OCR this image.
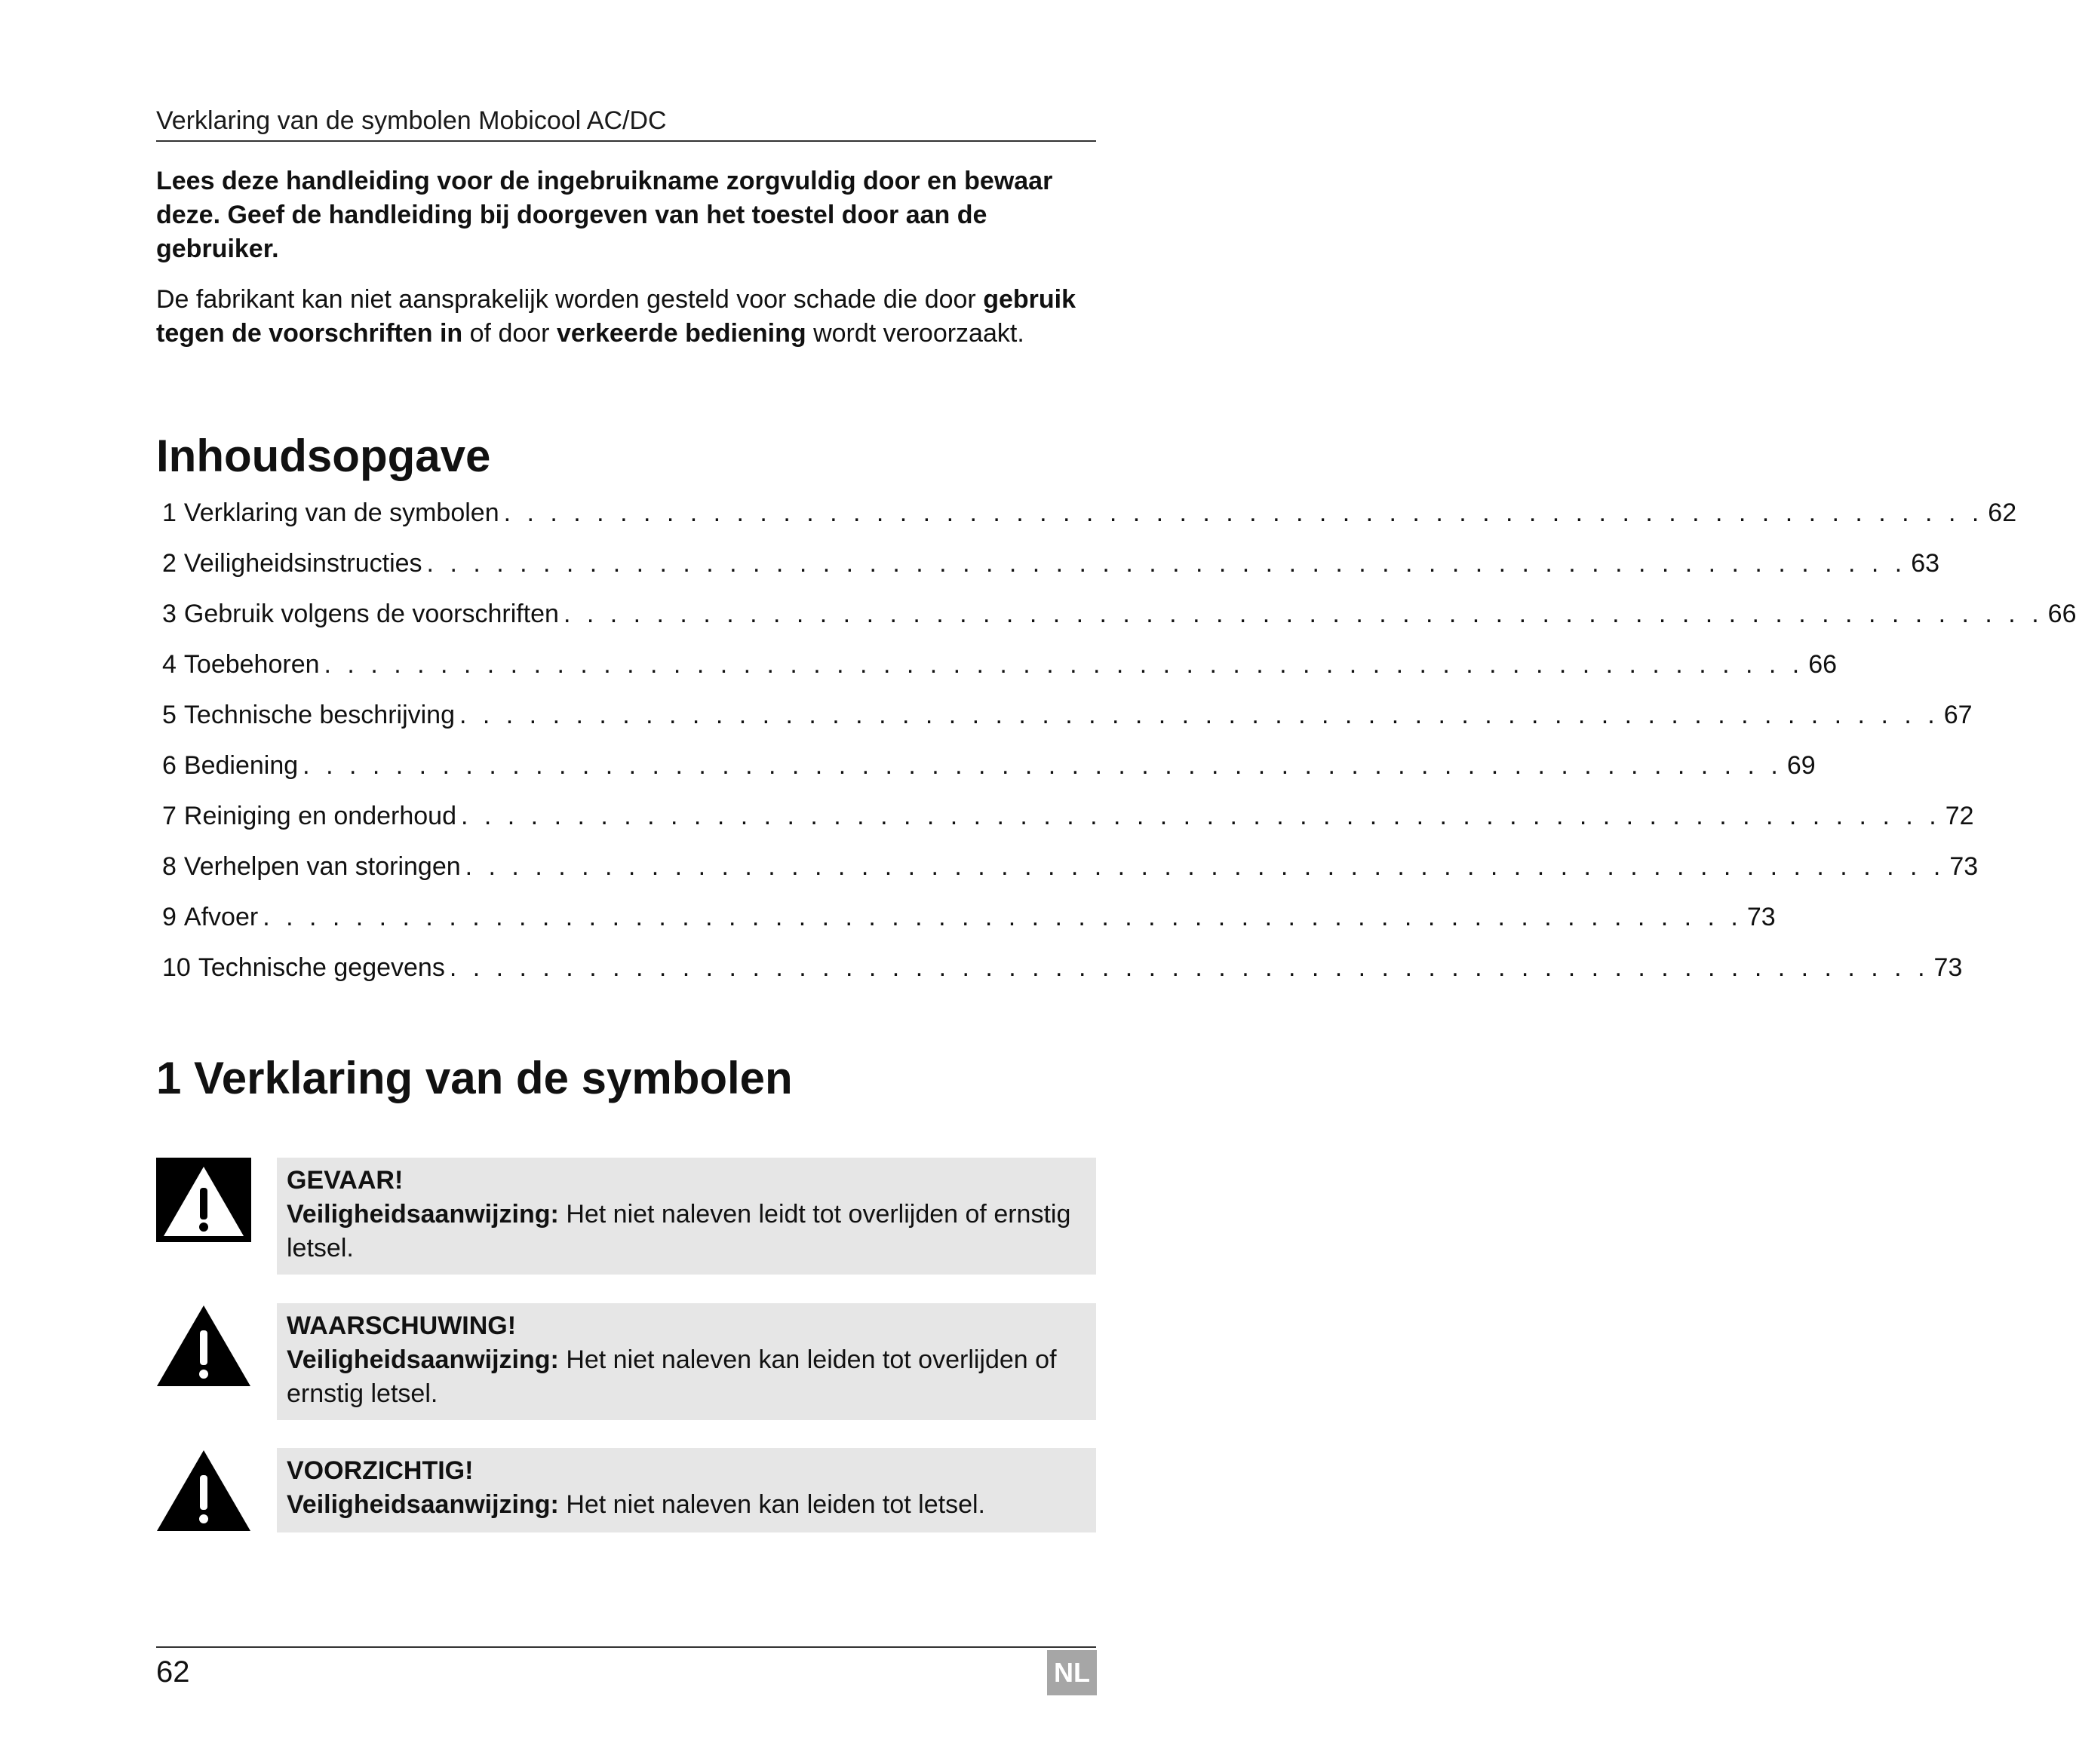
Verklaring van de symbolen Mobicool AC/DC

Lees deze handleiding voor de ingebruikname zorgvuldig door en bewaar deze. Geef de handleiding bij doorgeven van het toestel door aan de gebruiker.

De fabrikant kan niet aansprakelijk worden gesteld voor schade die door gebruik tegen de voorschriften in of door verkeerde bediening wordt veroorzaakt.

Inhoudsopgave
1 Verklaring van de symbolen . . . . . . . . . . . . . . . . . . . . . . . . . . . . . . . . . . . . . . . . . . . . . . . . . . . . . . . . . . . . . . . . 62
2 Veiligheidsinstructies . . . . . . . . . . . . . . . . . . . . . . . . . . . . . . . . . . . . . . . . . . . . . . . . . . . . . . . . . . . . . . . . 63
3 Gebruik volgens de voorschriften . . . . . . . . . . . . . . . . . . . . . . . . . . . . . . . . . . . . . . . . . . . . . . . . . . . . . . . . . . . . . . . . 66
4 Toebehoren . . . . . . . . . . . . . . . . . . . . . . . . . . . . . . . . . . . . . . . . . . . . . . . . . . . . . . . . . . . . . . . . 66
5 Technische beschrijving . . . . . . . . . . . . . . . . . . . . . . . . . . . . . . . . . . . . . . . . . . . . . . . . . . . . . . . . . . . . . . . . 67
6 Bediening . . . . . . . . . . . . . . . . . . . . . . . . . . . . . . . . . . . . . . . . . . . . . . . . . . . . . . . . . . . . . . . . 69
7 Reiniging en onderhoud . . . . . . . . . . . . . . . . . . . . . . . . . . . . . . . . . . . . . . . . . . . . . . . . . . . . . . . . . . . . . . . . 72
8 Verhelpen van storingen . . . . . . . . . . . . . . . . . . . . . . . . . . . . . . . . . . . . . . . . . . . . . . . . . . . . . . . . . . . . . . . . 73
9 Afvoer . . . . . . . . . . . . . . . . . . . . . . . . . . . . . . . . . . . . . . . . . . . . . . . . . . . . . . . . . . . . . . . . 73
10 Technische gegevens . . . . . . . . . . . . . . . . . . . . . . . . . . . . . . . . . . . . . . . . . . . . . . . . . . . . . . . . . . . . . . . . 73
1 Verklaring van de symbolen
GEVAAR!
Veiligheidsaanwijzing: Het niet naleven leidt tot overlijden of ernstig letsel.
WAARSCHUWING!
Veiligheidsaanwijzing: Het niet naleven kan leiden tot overlijden of ernstig letsel.
VOORZICHTIG!
Veiligheidsaanwijzing: Het niet naleven kan leiden tot letsel.
62	NL
